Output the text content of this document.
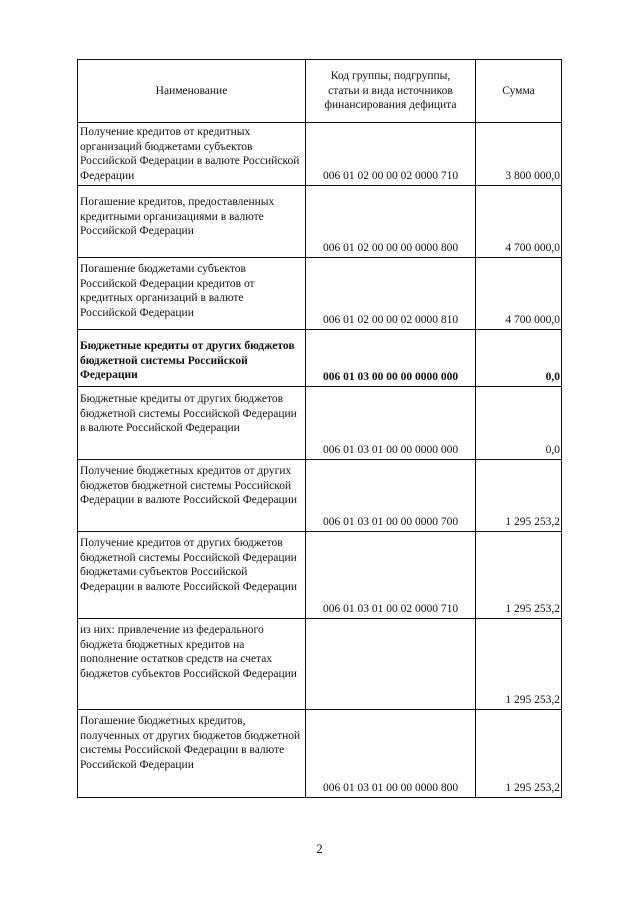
Наименование	Код группы, подгруппы, статьи и вида источников финансирования дефицита	Сумма
Получение кредитов от кредитных организаций бюджетами субъектов Российской Федерации в валюте Российской Федерации	006 01 02 00 00 02 0000 710	3 800 000,0
Погашение кредитов, предоставленных кредитными организациями в валюте Российской Федерации	006 01 02 00 00 00 0000 800	4 700 000,0
Погашение бюджетами субъектов Российской Федерации кредитов от кредитных организаций в валюте Российской Федерации	006 01 02 00 00 02 0000 810	4 700 000,0
Бюджетные кредиты от других бюджетов бюджетной системы Российской Федерации	006 01 03 00 00 00 0000 000	0,0
Бюджетные кредиты от других бюджетов бюджетной системы Российской Федерации в валюте Российской Федерации	006 01 03 01 00 00 0000 000	0,0
Получение бюджетных кредитов от других бюджетов бюджетной системы Российской Федерации в валюте Российской Федерации	006 01 03 01 00 00 0000 700	1 295 253,2
Получение кредитов от других бюджетов бюджетной системы Российской Федерации бюджетами субъектов Российской Федерации в валюте Российской Федерации	006 01 03 01 00 02 0000 710	1 295 253,2
из них: привлечение из федерального бюджета бюджетных кредитов на пополнение остатков средств на счетах бюджетов субъектов Российской Федерации		1 295 253,2
Погашение бюджетных кредитов, полученных от других бюджетов бюджетной системы Российской Федерации в валюте Российской Федерации	006 01 03 01 00 00 0000 800	1 295 253,2
2
